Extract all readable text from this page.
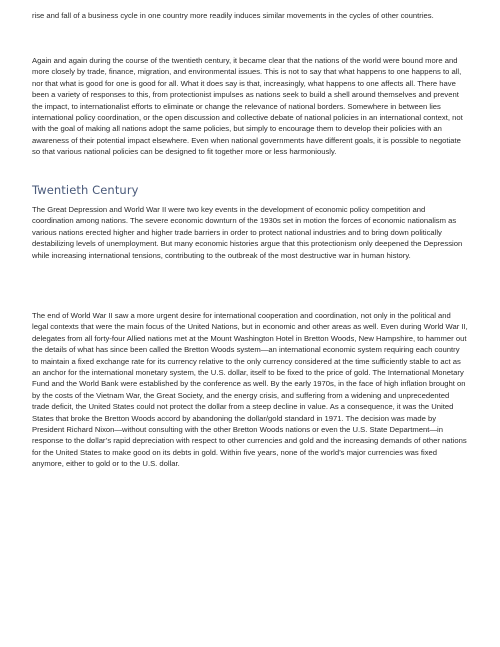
rise and fall of a business cycle in one country more readily induces similar movements in the cycles of other countries.

Again and again during the course of the twentieth century, it became clear that the nations of the world were bound more and more closely by trade, finance, migration, and environmental issues. This is not to say that what happens to one happens to all, nor that what is good for one is good for all. What it does say is that, increasingly, what happens to one affects all. There have been a variety of responses to this, from protectionist impulses as nations seek to build a shell around themselves and prevent the impact, to internationalist efforts to eliminate or change the relevance of national borders. Somewhere in between lies international policy coordination, or the open discussion and collective debate of national policies in an international context, not with the goal of making all nations adopt the same policies, but simply to encourage them to develop their policies with an awareness of their potential impact elsewhere. Even when national governments have different goals, it is possible to negotiate so that various national policies can be designed to fit together more or less harmoniously.

Twentieth Century

The Great Depression and World War II were two key events in the development of economic policy competition and coordination among nations. The severe economic downturn of the 1930s set in motion the forces of economic nationalism as various nations erected higher and higher trade barriers in order to protect national industries and to bring down politically destabilizing levels of unemployment. But many economic histories argue that this protectionism only deepened the Depression while increasing international tensions, contributing to the outbreak of the most destructive war in human history.

The end of World War II saw a more urgent desire for international cooperation and coordination, not only in the political and legal contexts that were the main focus of the United Nations, but in economic and other areas as well. Even during World War II, delegates from all forty-four Allied nations met at the Mount Washington Hotel in Bretton Woods, New Hampshire, to hammer out the details of what has since been called the Bretton Woods system—an international economic system requiring each country to maintain a fixed exchange rate for its currency relative to the only currency considered at the time sufficiently stable to act as an anchor for the international monetary system, the U.S. dollar, itself to be fixed to the price of gold. The International Monetary Fund and the World Bank were established by the conference as well. By the early 1970s, in the face of high inflation brought on by the costs of the Vietnam War, the Great Society, and the energy crisis, and suffering from a widening and unprecedented trade deficit, the United States could not protect the dollar from a steep decline in value. As a consequence, it was the United States that broke the Bretton Woods accord by abandoning the dollar/gold standard in 1971. The decision was made by President Richard Nixon—without consulting with the other Bretton Woods nations or even the U.S. State Department—in response to the dollar’s rapid depreciation with respect to other currencies and gold and the increasing demands of other nations for the United States to make good on its debts in gold. Within five years, none of the world’s major currencies was fixed anymore, either to gold or to the U.S. dollar.
